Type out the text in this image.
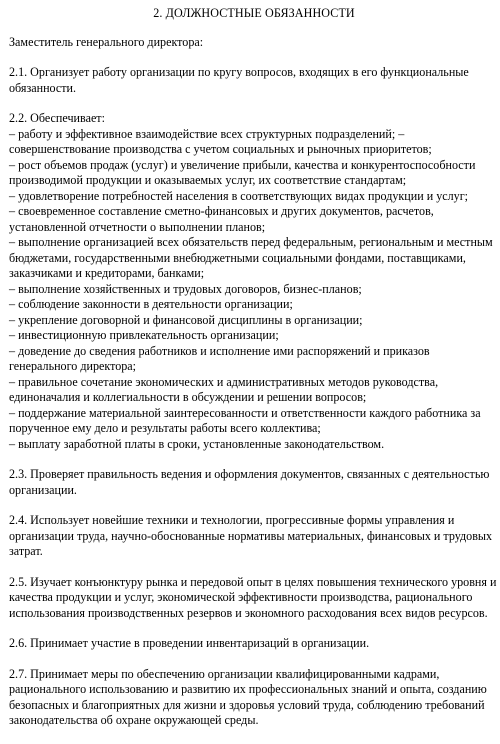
2. ДОЛЖНОСТНЫЕ ОБЯЗАННОСТИ
Заместитель генерального директора:
2.1. Организует работу организации по кругу вопросов, входящих в его функциональные обязанности.
2.2. Обеспечивает:
– работу и эффективное взаимодействие всех структурных подразделений; – совершенствование производства с учетом социальных и рыночных приоритетов;
– рост объемов продаж (услуг) и увеличение прибыли, качества и конкурентоспособности производимой продукции и оказываемых услуг, их соответствие стандартам;
– удовлетворение потребностей населения в соответствующих видах продукции и услуг;
– своевременное составление сметно-финансовых и других документов, расчетов, установленной отчетности о выполнении планов;
– выполнение организацией всех обязательств перед федеральным, региональным и местным бюджетами, государственными внебюджетными социальными фондами, поставщиками, заказчиками и кредиторами, банками;
– выполнение хозяйственных и трудовых договоров, бизнес-планов;
– соблюдение законности в деятельности организации;
– укрепление договорной и финансовой дисциплины в организации;
– инвестиционную привлекательность организации;
– доведение до сведения работников и исполнение ими распоряжений и приказов генерального директора;
– правильное сочетание экономических и административных методов руководства, единоначалия и коллегиальности в обсуждении и решении вопросов;
– поддержание материальной заинтересованности и ответственности каждого работника за порученное ему дело и результаты работы всего коллектива;
– выплату заработной платы в сроки, установленные законодательством.
2.3. Проверяет правильность ведения и оформления документов, связанных с деятельностью организации.
2.4. Использует новейшие техники и технологии, прогрессивные формы управления и организации труда, научно-обоснованные нормативы материальных, финансовых и трудовых затрат.
2.5. Изучает конъюнктуру рынка и передовой опыт в целях повышения технического уровня и качества продукции и услуг, экономической эффективности производства, рационального использования производственных резервов и экономного расходования всех видов ресурсов.
2.6. Принимает участие в проведении инвентаризаций в организации.
2.7. Принимает меры по обеспечению организации квалифицированными кадрами, рационального использованию и развитию их профессиональных знаний и опыта, созданию безопасных и благоприятных для жизни и здоровья условий труда, соблюдению требований законодательства об охране окружающей среды.
